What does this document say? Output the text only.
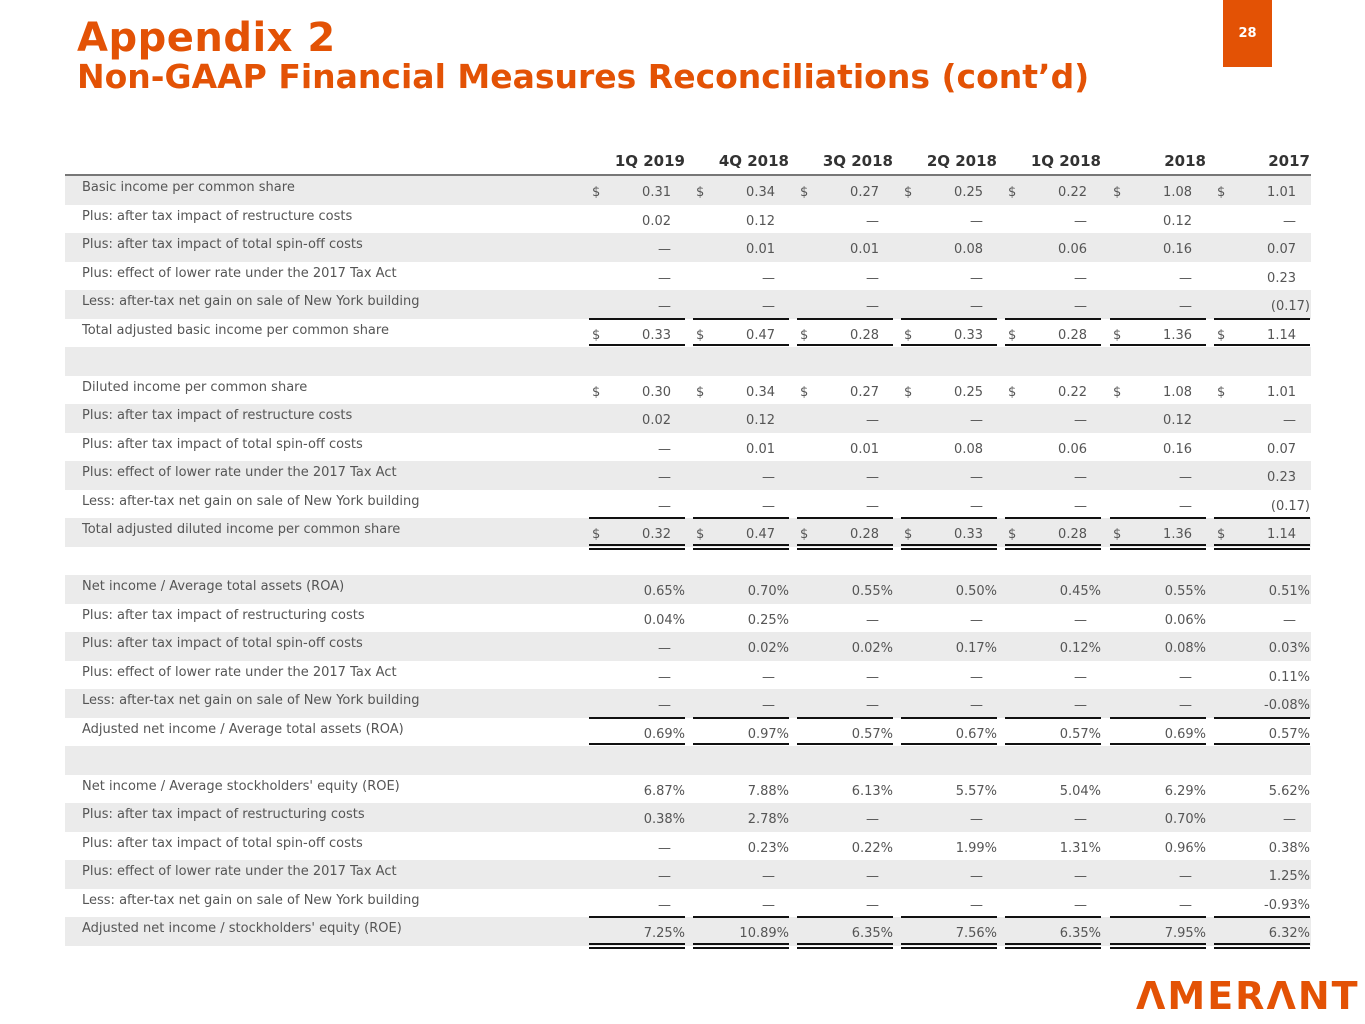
Appendix 2
Non-GAAP Financial Measures Reconciliations (cont’d)
28
1Q 2019	4Q 2018	3Q 2018	2Q 2018	1Q 2018	2018	2017
Basic income per common share	$	0.31 $	0.34 $	0.27 $	0.25 $	0.22 $	1.08 $	1.01
Plus: after tax impact of restructure costs	0.02	0.12	—	—	—	0.12	—
Plus: after tax impact of total spin-off costs	—	0.01	0.01	0.08	0.06	0.16	0.07
Plus: effect of lower rate under the 2017 Tax Act	—	—	—	—	—	—	0.23
Less: after-tax net gain on sale of New York building	—	—	—	—	—	—	(0.17)
Total adjusted basic income per common share	$	0.33 $	0.47 $	0.28 $	0.33 $	0.28 $	1.36 $	1.14
Diluted income per common share	$	0.30 $	0.34 $	0.27 $	0.25 $	0.22 $	1.08 $	1.01
Plus: after tax impact of restructure costs	0.02	0.12	—	—	—	0.12	—
Plus: after tax impact of total spin-off costs	—	0.01	0.01	0.08	0.06	0.16	0.07
Plus: effect of lower rate under the 2017 Tax Act	—	—	—	—	—	—	0.23
Less: after-tax net gain on sale of New York building	—	—	—	—	—	—	(0.17)
Total adjusted diluted income per common share	$	0.32 $	0.47 $	0.28 $	0.33 $	0.28 $	1.36 $	1.14
Net income / Average total assets (ROA)	0.65%	0.70%	0.55%	0.50%	0.45%	0.55%	0.51%
Plus: after tax impact of restructuring costs	0.04%	0.25%	—	—	—	0.06%	—
Plus: after tax impact of total spin-off costs	—	0.02%	0.02%	0.17%	0.12%	0.08%	0.03%
Plus: effect of lower rate under the 2017 Tax Act	—	—	—	—	—	—	0.11%
Less: after-tax net gain on sale of New York building	—	—	—	—	—	—	-0.08%
Adjusted net income / Average total assets (ROA)	0.69%	0.97%	0.57%	0.67%	0.57%	0.69%	0.57%
Net income / Average stockholders' equity (ROE)	6.87%	7.88%	6.13%	5.57%	5.04%	6.29%	5.62%
Plus: after tax impact of restructuring costs	0.38%	2.78%	—	—	—	0.70%	—
Plus: after tax impact of total spin-off costs	—	0.23%	0.22%	1.99%	1.31%	0.96%	0.38%
Plus: effect of lower rate under the 2017 Tax Act	—	—	—	—	—	—	1.25%
Less: after-tax net gain on sale of New York building	—	—	—	—	—	—	-0.93%
Adjusted net income / stockholders' equity (ROE)	7.25%	10.89%	6.35%	7.56%	6.35%	7.95%	6.32%
ΛMERΛNT
